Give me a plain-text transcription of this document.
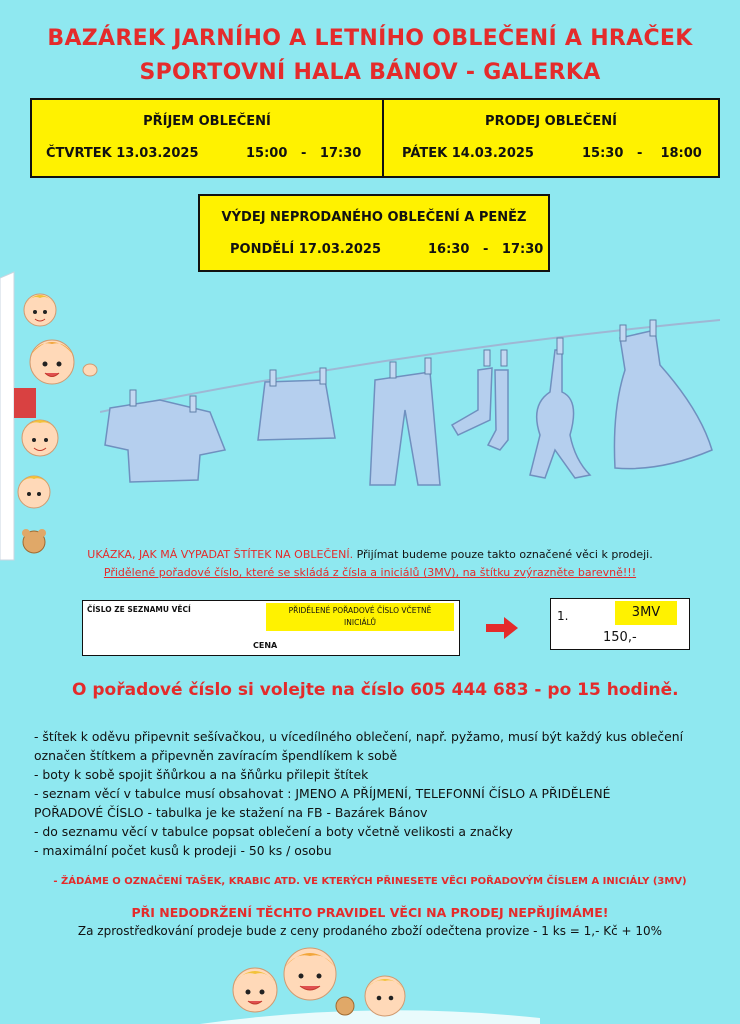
BAZÁREK JARNÍHO A LETNÍHO OBLEČENÍ A HRAČEK
SPORTOVNÍ HALA BÁNOV - GALERKA
PŘÍJEM OBLEČENÍ
ČTVRTEK 13.03.2025	15:00   -   17:30
PRODEJ OBLEČENÍ
PÁTEK 14.03.2025	15:30   -    18:00
VÝDEJ NEPRODANÉHO OBLEČENÍ A PENĚZ
PONDĚLÍ 17.03.2025	16:30   -   17:30
UKÁZKA, JAK MÁ VYPADAT ŠTÍTEK NA OBLEČENÍ. Přijímat budeme pouze takto označené věci k prodeji.
Přidělené pořadové číslo, které se skládá z čísla a iniciálů (3MV), na štítku zvýrazněte barevně!!!
ČÍSLO ZE SEZNAMU VĚCÍ	PŘIDĚLENÉ POŘADOVÉ ČÍSLO VČETNĚ
INICIÁLŮ
CENA
1.	3MV
150,-
O pořadové číslo si volejte na číslo 605 444 683 - po 15 hodině.
- štítek k oděvu připevnit sešívačkou, u vícedílného oblečení, např. pyžamo, musí být každý kus oblečení
označen štítkem a připevněn zavíracím špendlíkem k sobě
- boty k sobě spojit šňůrkou a na šňůrku přilepit štítek
- seznam věcí v tabulce musí obsahovat : JMENO A PŘÍJMENÍ, TELEFONNÍ ČÍSLO A PŘIDĚLENÉ
POŘADOVÉ ČÍSLO - tabulka je ke stažení na FB - Bazárek Bánov
- do seznamu věcí v tabulce popsat oblečení a boty včetně velikosti a značky
- maximální počet kusů k prodeji - 50 ks / osobu
- ŽÁDÁME O OZNAČENÍ TAŠEK, KRABIC ATD. VE KTERÝCH PŘINESETE VĚCI POŘADOVÝM ČÍSLEM A INICIÁLY (3MV)
PŘI NEDODRŽENÍ TĚCHTO PRAVIDEL VĚCI NA PRODEJ NEPŘIJÍMÁME!
Za zprostředkování prodeje bude z ceny prodaného zboží odečtena provize - 1 ks = 1,- Kč + 10%
